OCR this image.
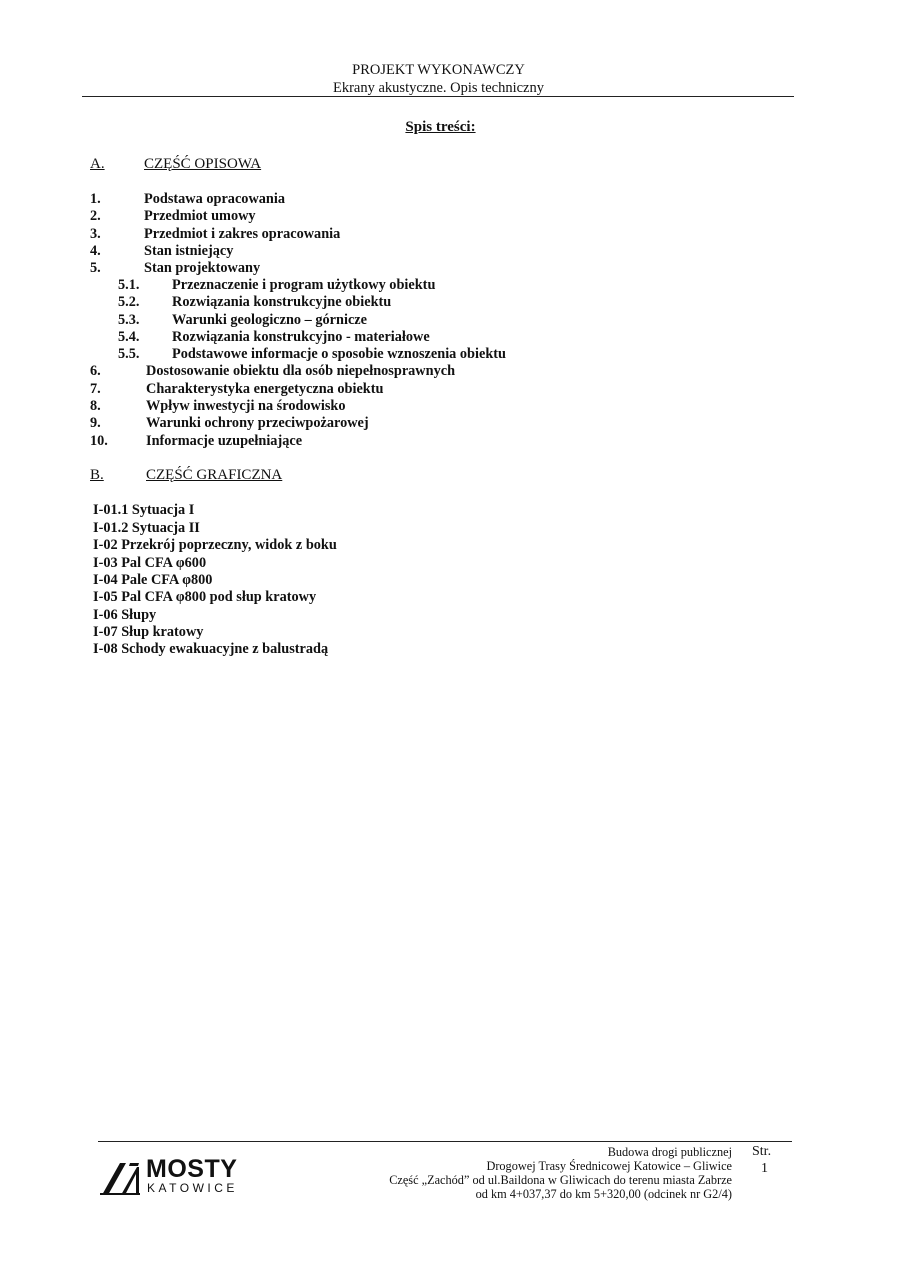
PROJEKT WYKONAWCZY
Ekrany akustyczne. Opis techniczny
Spis treści:
A.	CZĘŚĆ OPISOWA
1.	Podstawa opracowania
2.	Przedmiot umowy
3.	Przedmiot i zakres opracowania
4.	Stan istniejący
5.	Stan projektowany
5.1. Przeznaczenie i program użytkowy obiektu
5.2. Rozwiązania konstrukcyjne obiektu
5.3. Warunki geologiczno – górnicze
5.4. Rozwiązania konstrukcyjno - materiałowe
5.5. Podstawowe informacje o sposobie wznoszenia obiektu
6.	Dostosowanie obiektu dla osób niepełnosprawnych
7.	Charakterystyka energetyczna obiektu
8.	Wpływ inwestycji na środowisko
9.	Warunki ochrony przeciwpożarowej
10.	Informacje uzupełniające
B.	CZĘŚĆ GRAFICZNA
I-01.1 Sytuacja I
I-01.2 Sytuacja II
I-02 Przekrój poprzeczny, widok z boku
I-03 Pal CFA φ600
I-04 Pale CFA φ800
I-05 Pal CFA φ800 pod słup kratowy
I-06 Słupy
I-07 Słup kratowy
I-08 Schody ewakuacyjne z balustradą
MOSTY
KATOWICE
Budowa drogi publicznej
Drogowej Trasy Średnicowej Katowice – Gliwice
Część „Zachód” od ul.Baildona w Gliwicach do terenu miasta Zabrze
od km 4+037,37 do km 5+320,00 (odcinek nr G2/4)
Str.
1
